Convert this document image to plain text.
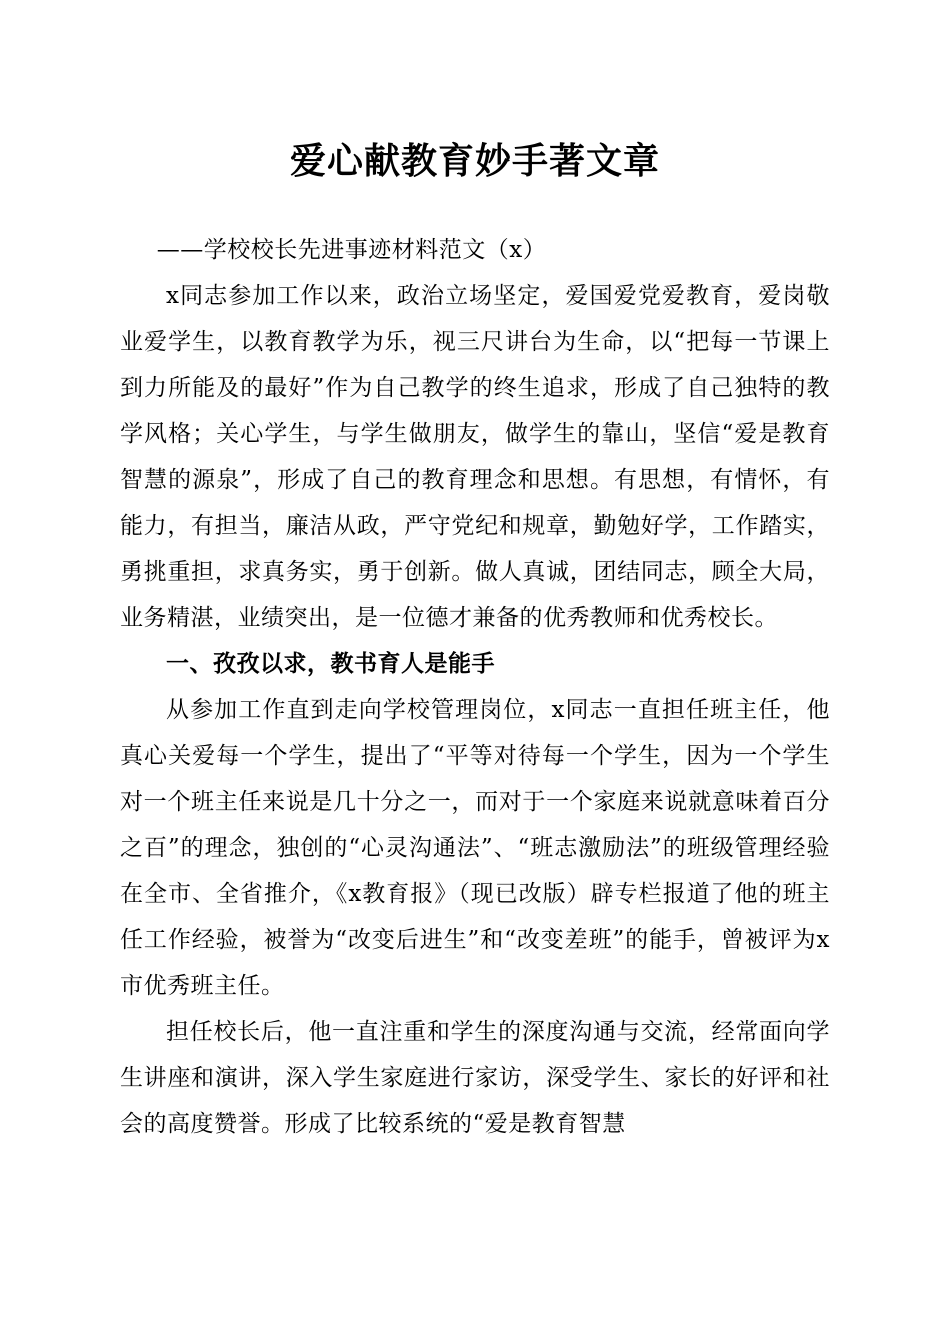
爱心献教育妙手著文章

——学校校长先进事迹材料范文（x）

x同志参加工作以来，政治立场坚定，爱国爱党爱教育，爱岗敬业爱学生，以教育教学为乐，视三尺讲台为生命，以“把每一节课上到力所能及的最好”作为自己教学的终生追求，形成了自己独特的教学风格；关心学生，与学生做朋友，做学生的靠山，坚信“爱是教育智慧的源泉”，形成了自己的教育理念和思想。有思想，有情怀，有能力，有担当，廉洁从政，严守党纪和规章，勤勉好学，工作踏实，勇挑重担，求真务实，勇于创新。做人真诚，团结同志，顾全大局，业务精湛，业绩突出，是一位德才兼备的优秀教师和优秀校长。

一、孜孜以求，教书育人是能手

从参加工作直到走向学校管理岗位，x同志一直担任班主任，他真心关爱每一个学生，提出了“平等对待每一个学生，因为一个学生对一个班主任来说是几十分之一，而对于一个家庭来说就意味着百分之百”的理念，独创的“心灵沟通法”、“班志激励法”的班级管理经验在全市、全省推介，《x教育报》（现已改版）辟专栏报道了他的班主任工作经验，被誉为“改变后进生”和“改变差班”的能手，曾被评为x市优秀班主任。

担任校长后，他一直注重和学生的深度沟通与交流，经常面向学生讲座和演讲，深入学生家庭进行家访，深受学生、家长的好评和社会的高度赞誉。形成了比较系统的“爱是教育智慧
